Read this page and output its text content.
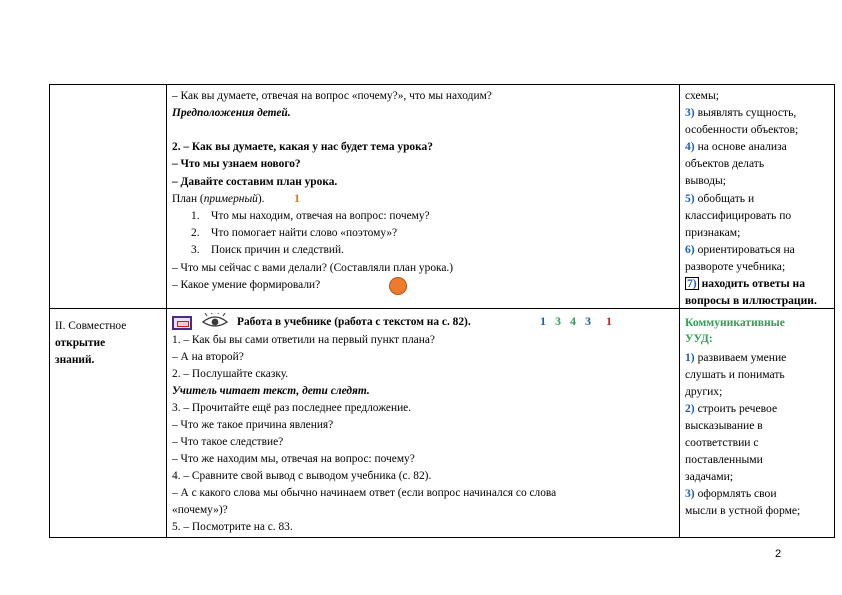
– Как вы думаете, отвечая на вопрос «почему?», что мы находим?
Предположения детей.
2. – Как вы думаете, какая у нас будет тема урока?
– Что мы узнаем нового?
– Давайте составим план урока.
План (примерный). 1
1. Что мы находим, отвечая на вопрос: почему?
2. Что помогает найти слово «поэтому»?
3. Поиск причин и следствий.
– Что мы сейчас с вами делали? (Составляли план урока.)
– Какое умение формировали?
схемы;
3) выявлять сущность,
особенности объектов;
4) на основе анализа
объектов делать
выводы;
5) обобщать и
классифицировать по
признакам;
6) ориентироваться на
развороте учебника;
7) находить ответы на
вопросы в иллюстрации.
II. Совместное
открытие
знаний.
Работа в учебнике (работа с текстом на с. 82).	1 3 4 3 1
1. – Как бы вы сами ответили на первый пункт плана?
– А на второй?
2. – Послушайте сказку.
Учитель читает текст, дети следят.
3. – Прочитайте ещё раз последнее предложение.
– Что же такое причина явления?
– Что такое следствие?
– Что же находим мы, отвечая на вопрос: почему?
4. – Сравните свой вывод с выводом учебника (с. 82).
– А с какого слова мы обычно начинаем ответ (если вопрос начинался со слова
«почему»)?
5. – Посмотрите на с. 83.
Коммуникативные
УУД:
1) развиваем умение
слушать и понимать
других;
2) строить речевое
высказывание в
соответствии с
поставленными
задачами;
3) оформлять свои
мысли в устной форме;
2
